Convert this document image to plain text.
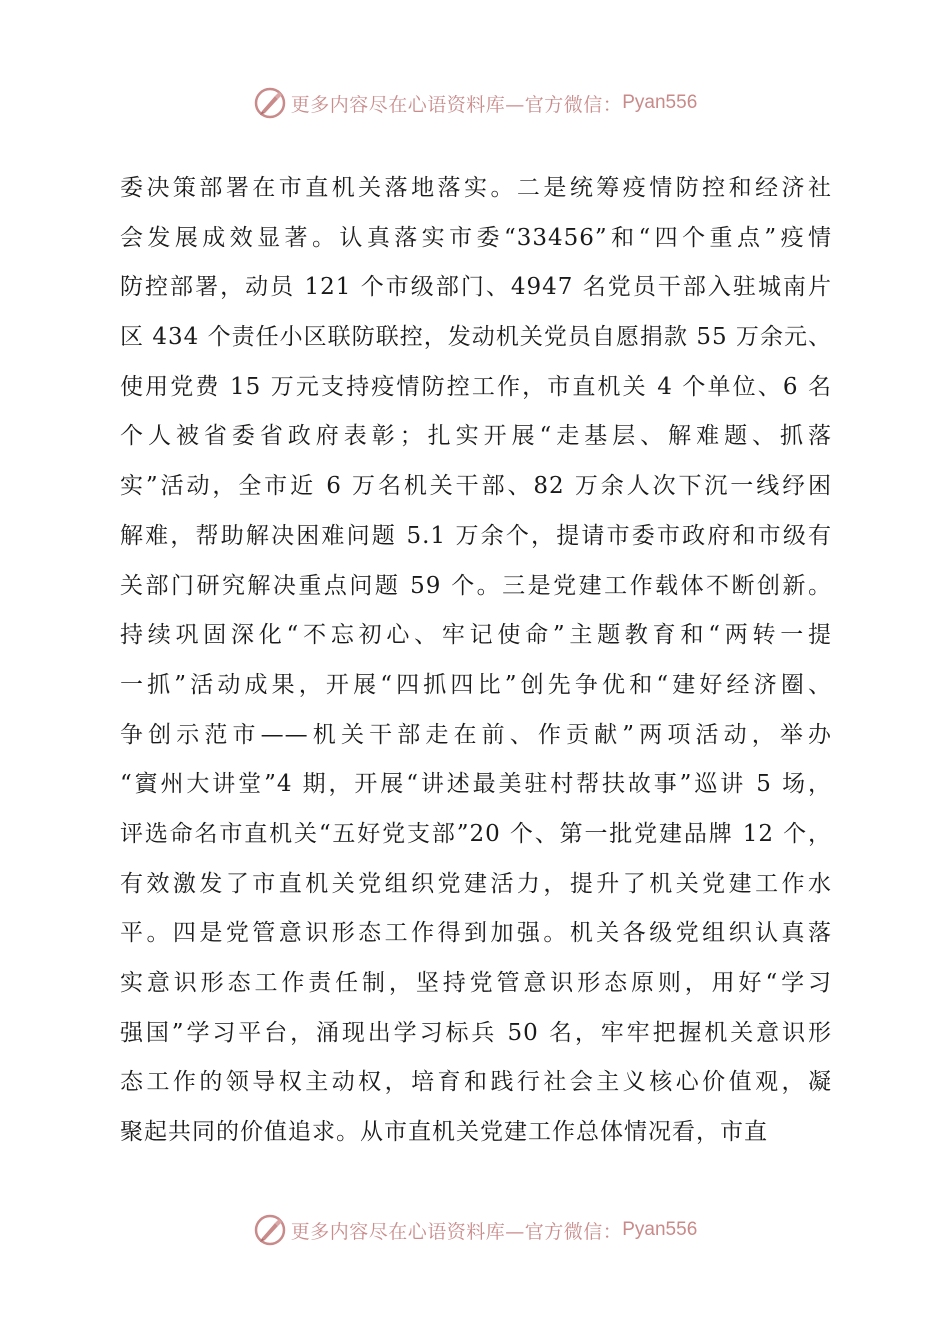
更多内容尽在心语资料库—官方微信： Pyan556
委决策部署在市直机关落地落实。二是统筹疫情防控和经济社
会发展成效显著。认真落实市委“33456”和“四个重点”疫情
防控部署，动员 121 个市级部门、4947 名党员干部入驻城南片
区 434 个责任小区联防联控，发动机关党员自愿捐款 55 万余元、
使用党费 15 万元支持疫情防控工作，市直机关 4 个单位、6 名
个人被省委省政府表彰；扎实开展“走基层、解难题、抓落
实”活动，全市近 6 万名机关干部、82 万余人次下沉一线纾困
解难，帮助解决困难问题 5.1 万余个，提请市委市政府和市级有
关部门研究解决重点问题 59 个。三是党建工作载体不断创新。
持续巩固深化“不忘初心、牢记使命”主题教育和“两转一提
一抓”活动成果，开展“四抓四比”创先争优和“建好经济圈、
争创示范市——机关干部走在前、作贡献”两项活动，举办
“賨州大讲堂”4 期，开展“讲述最美驻村帮扶故事”巡讲 5 场，
评选命名市直机关“五好党支部”20 个、第一批党建品牌 12 个，
有效激发了市直机关党组织党建活力，提升了机关党建工作水
平。四是党管意识形态工作得到加强。机关各级党组织认真落
实意识形态工作责任制，坚持党管意识形态原则，用好“学习
强国”学习平台，涌现出学习标兵 50 名，牢牢把握机关意识形
态工作的领导权主动权，培育和践行社会主义核心价值观，凝
聚起共同的价值追求。从市直机关党建工作总体情况看，市直
更多内容尽在心语资料库—官方微信： Pyan556
